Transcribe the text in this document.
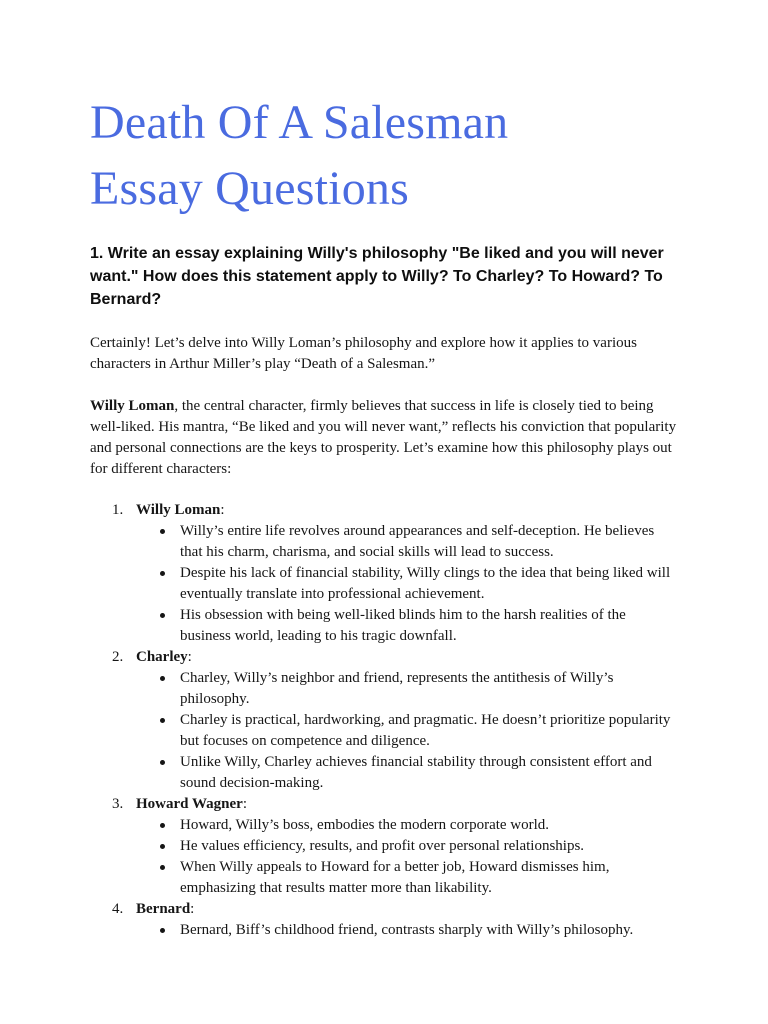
Death Of A Salesman
Essay Questions

1. Write an essay explaining Willy's philosophy "Be liked and you will never want." How does this statement apply to Willy? To Charley? To Howard? To Bernard?

Certainly! Let’s delve into Willy Loman’s philosophy and explore how it applies to various characters in Arthur Miller’s play “Death of a Salesman.”

Willy Loman, the central character, firmly believes that success in life is closely tied to being well-liked. His mantra, “Be liked and you will never want,” reflects his conviction that popularity and personal connections are the keys to prosperity. Let’s examine how this philosophy plays out for different characters:

1. Willy Loman:
Willy’s entire life revolves around appearances and self-deception. He believes that his charm, charisma, and social skills will lead to success.
Despite his lack of financial stability, Willy clings to the idea that being liked will eventually translate into professional achievement.
His obsession with being well-liked blinds him to the harsh realities of the business world, leading to his tragic downfall.
2. Charley:
Charley, Willy’s neighbor and friend, represents the antithesis of Willy’s philosophy.
Charley is practical, hardworking, and pragmatic. He doesn’t prioritize popularity but focuses on competence and diligence.
Unlike Willy, Charley achieves financial stability through consistent effort and sound decision-making.
3. Howard Wagner:
Howard, Willy’s boss, embodies the modern corporate world.
He values efficiency, results, and profit over personal relationships.
When Willy appeals to Howard for a better job, Howard dismisses him, emphasizing that results matter more than likability.
4. Bernard:
Bernard, Biff’s childhood friend, contrasts sharply with Willy’s philosophy.
